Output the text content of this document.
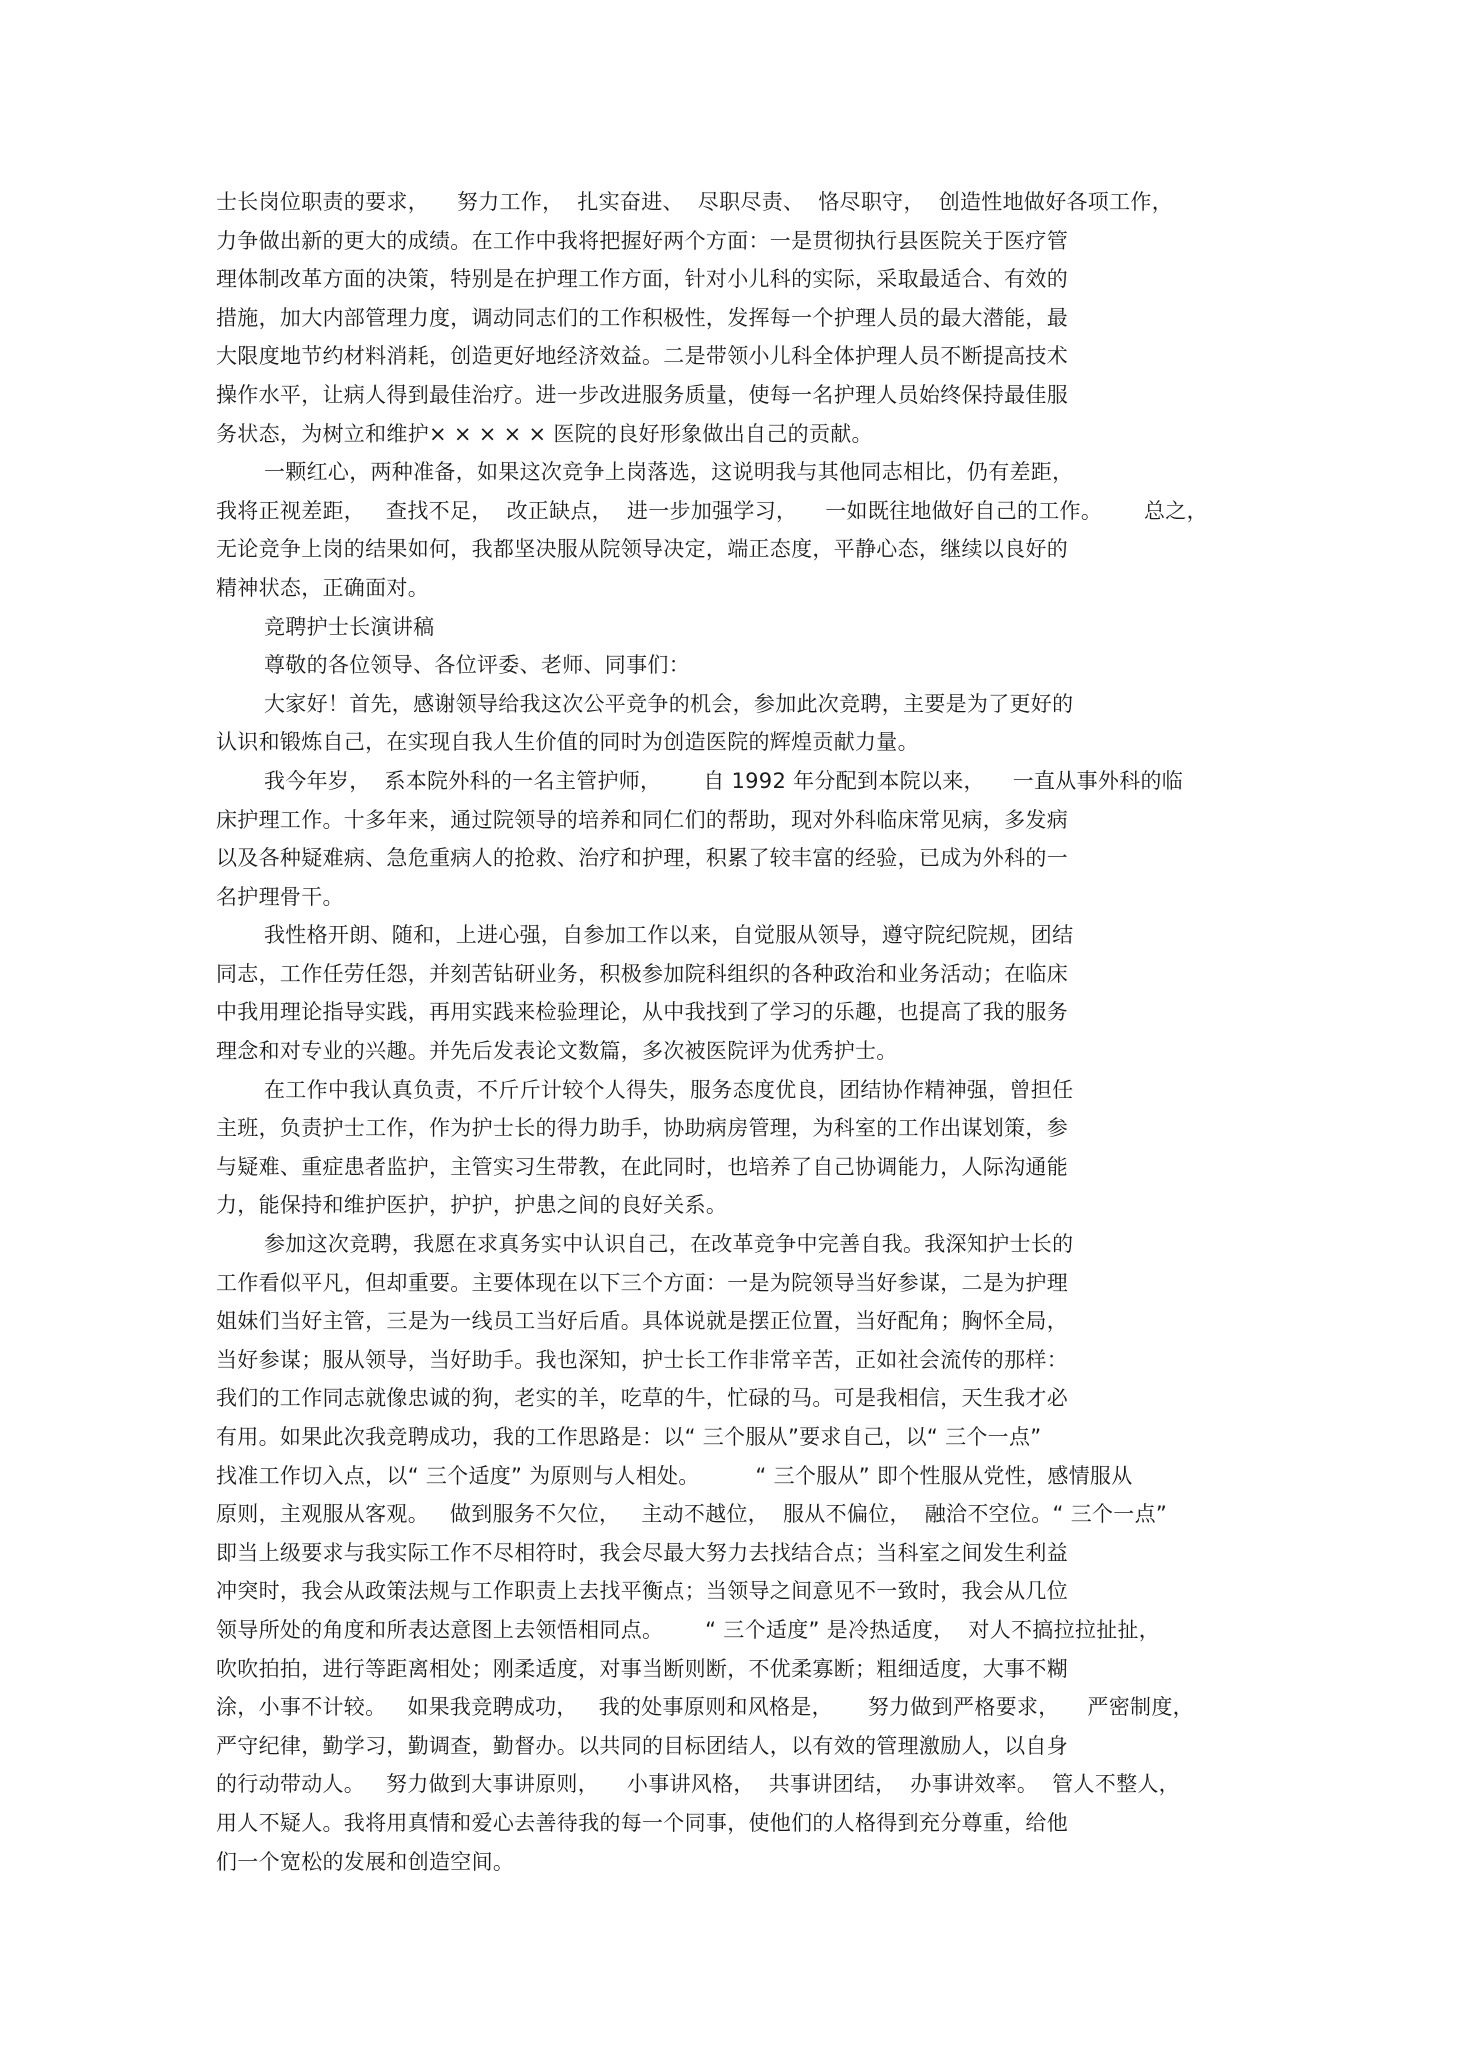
士长岗位职责的要求，    努力工作，  扎实奋进、  尽职尽责、  恪尽职守，  创造性地做好各项工作，
力争做出新的更大的成绩。在工作中我将把握好两个方面：一是贯彻执行县医院关于医疗管
理体制改革方面的决策，特别是在护理工作方面，针对小儿科的实际，采取最适合、有效的
措施，加大内部管理力度，调动同志们的工作积极性，发挥每一个护理人员的最大潜能，最
大限度地节约材料消耗，创造更好地经济效益。二是带领小儿科全体护理人员不断提高技术
操作水平，让病人得到最佳治疗。进一步改进服务质量，使每一名护理人员始终保持最佳服
务状态，为树立和维护× × × × × 医院的良好形象做出自己的贡献。
一颗红心，两种准备，如果这次竞争上岗落选，这说明我与其他同志相比，仍有差距，
我将正视差距，   查找不足，  改正缺点，  进一步加强学习，    一如既往地做好自己的工作。      总之，
无论竞争上岗的结果如何，我都坚决服从院领导决定，端正态度，平静心态，继续以良好的
精神状态，正确面对。
竞聘护士长演讲稿
尊敬的各位领导、各位评委、老师、同事们：
大家好！首先，感谢领导给我这次公平竞争的机会，参加此次竞聘，主要是为了更好的
认识和锻炼自己，在实现自我人生价值的同时为创造医院的辉煌贡献力量。
我今年岁，  系本院外科的一名主管护师，      自 1992 年分配到本院以来，    一直从事外科的临
床护理工作。十多年来，通过院领导的培养和同仁们的帮助，现对外科临床常见病，多发病
以及各种疑难病、急危重病人的抢救、治疗和护理，积累了较丰富的经验，已成为外科的一
名护理骨干。
我性格开朗、随和，上进心强，自参加工作以来，自觉服从领导，遵守院纪院规，团结
同志，工作任劳任怨，并刻苦钻研业务，积极参加院科组织的各种政治和业务活动；在临床
中我用理论指导实践，再用实践来检验理论，从中我找到了学习的乐趣，也提高了我的服务
理念和对专业的兴趣。并先后发表论文数篇，多次被医院评为优秀护士。
在工作中我认真负责，不斤斤计较个人得失，服务态度优良，团结协作精神强，曾担任
主班，负责护士工作，作为护士长的得力助手，协助病房管理，为科室的工作出谋划策，参
与疑难、重症患者监护，主管实习生带教，在此同时，也培养了自己协调能力，人际沟通能
力，能保持和维护医护，护护，护患之间的良好关系。
参加这次竞聘，我愿在求真务实中认识自己，在改革竞争中完善自我。我深知护士长的
工作看似平凡，但却重要。主要体现在以下三个方面：一是为院领导当好参谋，二是为护理
姐妹们当好主管，三是为一线员工当好后盾。具体说就是摆正位置，当好配角；胸怀全局，
当好参谋；服从领导，当好助手。我也深知，护士长工作非常辛苦，正如社会流传的那样：
我们的工作同志就像忠诚的狗，老实的羊，吃草的牛，忙碌的马。可是我相信，天生我才必
有用。如果此次我竞聘成功，我的工作思路是：以“ 三个服从”要求自己，以“ 三个一点”
找准工作切入点，以“ 三个适度” 为原则与人相处。        “ 三个服从” 即个性服从党性，感情服从
原则，主观服从客观。   做到服务不欠位，   主动不越位，  服从不偏位，  融洽不空位。“ 三个一点”
即当上级要求与我实际工作不尽相符时，我会尽最大努力去找结合点；当科室之间发生利益
冲突时，我会从政策法规与工作职责上去找平衡点；当领导之间意见不一致时，我会从几位
领导所处的角度和所表达意图上去领悟相同点。      “ 三个适度” 是冷热适度，  对人不搞拉拉扯扯，
吹吹拍拍，进行等距离相处；刚柔适度，对事当断则断，不优柔寡断；粗细适度，大事不糊
涂，小事不计较。   如果我竞聘成功，   我的处事原则和风格是，     努力做到严格要求，    严密制度，
严守纪律，勤学习，勤调查，勤督办。以共同的目标团结人，以有效的管理激励人，以自身
的行动带动人。   努力做到大事讲原则，    小事讲风格，  共事讲团结，  办事讲效率。  管人不整人，
用人不疑人。我将用真情和爱心去善待我的每一个同事，使他们的人格得到充分尊重，给他
们一个宽松的发展和创造空间。
